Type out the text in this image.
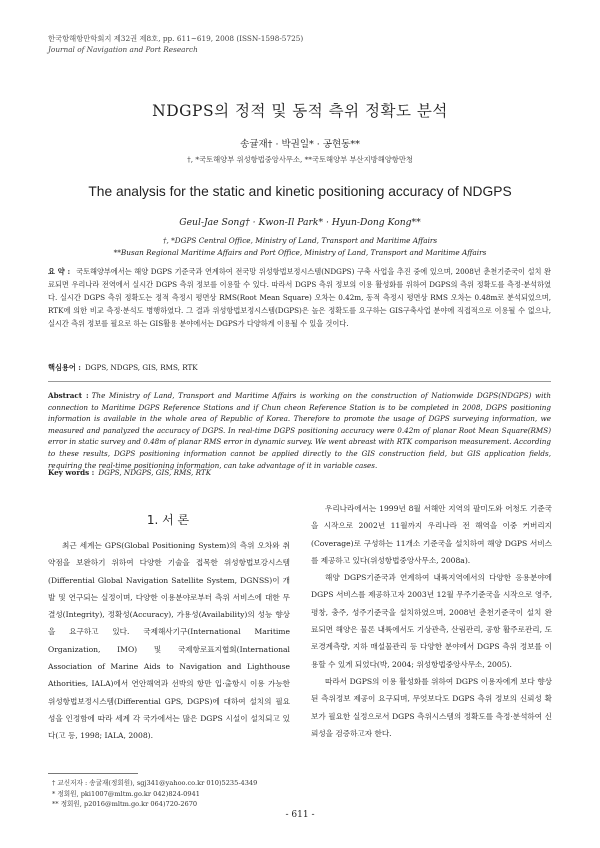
한국항해항만학회지 제32권 제8호, pp. 611~619, 2008 (ISSN-1598-5725)
Journal of Navigation and Port Research
NDGPS의 정적 및 동적 측위 정확도 분석
송귤재† · 박권일* · 공현동**
†, *국토해양부 위성항법중앙사무소, **국토해양부 부산지방해양항만청
The analysis for the static and kinetic positioning accuracy of NDGPS
Geul-Jae Song† · Kwon-Il Park* · Hyun-Dong Kong**
†, *DGPS Central Office, Ministry of Land, Transport and Maritime Affairs
**Busan Regional Maritime Affairs and Port Office, Ministry of Land, Transport and Maritime Affairs
요 약 : 국토해양부에서는 해양 DGPS 기준국과 연계하여 전국망 위성항법보정시스템(NDGPS) 구축 사업을 추진 중에 있으며, 2008년 춘천기준국이 설치 완료되면 우리나라 전역에서 실시간 DGPS 측위 정보를 이용할 수 있다. 따라서 DGPS 측위 정보의 이용 활성화를 위하여 DGPS의 측위 정확도를 측정·분석하였다. 실시간 DGPS 측위 정확도는 정적 측정시 평면상 RMS(Root Mean Square) 오차는 0.42m, 동적 측정시 평면상 RMS 오차는 0.48m로 분석되었으며, RTK에 의한 비교 측정·분석도 병행하였다. 그 결과 위성항법보정시스템(DGPS)은 높은 정확도를 요구하는 GIS구축사업 분야에 직접적으로 이용될 수 없으나, 실시간 측위 정보를 필요로 하는 GIS활용 분야에서는 DGPS가 다양하게 이용될 수 있을 것이다.
핵심용어 : DGPS, NDGPS, GIS, RMS, RTK
Abstract : The Ministry of Land, Transport and Maritime Affairs is working on the construction of Nationwide DGPS(NDGPS) with connection to Maritime DGPS Reference Stations and if Chun cheon Reference Station is to be completed in 2008, DGPS positioning information is available in the whole area of Republic of Korea. Therefore to promote the usage of DGPS surveying information, we measured and panalyzed the accuracy of DGPS. In real-time DGPS positioning accuracy were 0.42m of planar Root Mean Square(RMS) error in static survey and 0.48m of planar RMS error in dynamic survey. We went abreast with RTK comparison measurement. According to these results, DGPS positioning information cannot be applied directly to the GIS construction field, but GIS application fields, requiring the real-time positioning information, can take advantage of it in variable cases.
Key words : DGPS, NDGPS, GIS, RMS, RTK
1. 서 론

최근 세계는 GPS(Global Positioning System)의 측위 오차와 취약점을 보완하기 위하여 다양한 기술을 접목한 위성항법보강시스템(Differential Global Navigation Satellite System, DGNSS)이 개발 및 연구되는 실정이며, 다양한 이용분야로부터 측위 서비스에 대한 무결성(Integrity), 정확성(Accuracy), 가용성(Availability)의 성능 향상을 요구하고 있다. 국제해사기구(International Maritime Organization, IMO) 및 국제항로표지협회(International Association of Marine Aids to Navigation and Lighthouse Athorities, IALA)에서 연안해역과 선박의 항만 입·출항시 이용 가능한 위성항법보정시스템(Differential GPS, DGPS)에 대하여 설치의 필요성을 인정함에 따라 세계 각 국가에서는 많은 DGPS 시설이 설치되고 있다(고 등, 1998; IALA, 2008).

우리나라에서는 1999년 8월 서해안 지역의 팔미도와 어청도 기준국을 시작으로 2002년 11월까지 우리나라 전 해역을 이중 커버리지(Coverage)로 구성하는 11개소 기준국을 설치하여 해양 DGPS 서비스를 제공하고 있다(위성항법중앙사무소, 2008a).

해양 DGPS기준국과 연계하여 내륙지역에서의 다양한 응용분야에 DGPS 서비스를 제공하고자 2003년 12월 무주기준국을 시작으로 영주, 평창, 충주, 성주기준국을 설치하였으며, 2008년 춘천기준국이 설치 완료되면 해양은 물론 내륙에서도 기상관측, 산림관리, 공항 활주로관리, 도로경계측량, 지하 매설물관리 등 다양한 분야에서 DGPS 측위 정보를 이용할 수 있게 되었다(박, 2004; 위성항법중앙사무소, 2005).

따라서 DGPS의 이용 활성화를 위하여 DGPS 이용자에게 보다 향상된 측위정보 제공이 요구되며, 무엇보다도 DGPS 측위 정보의 신뢰성 확보가 필요한 실정으로서 DGPS 측위시스템의 정확도를 측정·분석하여 신뢰성을 검증하고자 한다.

† 교신저자 : 송귤재(정회원), sgj341@yahoo.co.kr 010)5235-4349
* 정회원, pki1007@mltm.go.kr 042)824-0941
** 정회원, p2016@mltm.go.kr 064)720-2670
- 611 -
